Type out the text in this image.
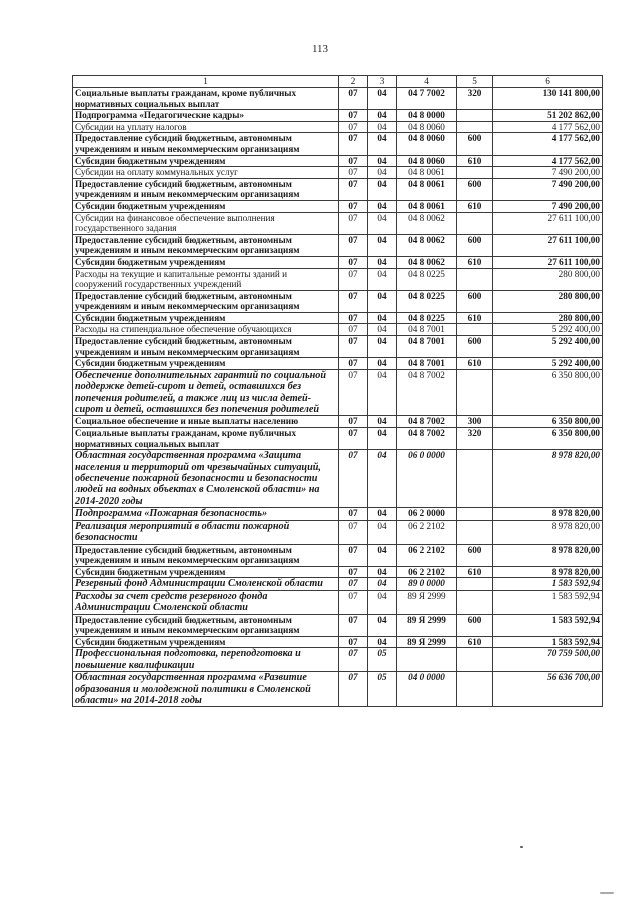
113
1	2	3	4	5	6
Социальные выплаты гражданам, кроме публичных нормативных социальных выплат	07	04	04 7 7002	320	130 141 800,00
Подпрограмма «Педагогические кадры»	07	04	04 8 0000		51 202 862,00
Субсидии на уплату налогов	07	04	04 8 0060		4 177 562,00
Предоставление субсидий бюджетным, автономным учреждениям и иным некоммерческим организациям	07	04	04 8 0060	600	4 177 562,00
Субсидии бюджетным учреждениям	07	04	04 8 0060	610	4 177 562,00
Субсидии на оплату коммунальных услуг	07	04	04 8 0061		7 490 200,00
Предоставление субсидий бюджетным, автономным учреждениям и иным некоммерческим организациям	07	04	04 8 0061	600	7 490 200,00
Субсидии бюджетным учреждениям	07	04	04 8 0061	610	7 490 200,00
Субсидии на финансовое обеспечение выполнения государственного задания	07	04	04 8 0062		27 611 100,00
Предоставление субсидий бюджетным, автономным учреждениям и иным некоммерческим организациям	07	04	04 8 0062	600	27 611 100,00
Субсидии бюджетным учреждениям	07	04	04 8 0062	610	27 611 100,00
Расходы на текущие и капитальные ремонты зданий и сооружений государственных учреждений	07	04	04 8 0225		280 800,00
Предоставление субсидий бюджетным, автономным учреждениям и иным некоммерческим организациям	07	04	04 8 0225	600	280 800,00
Субсидии бюджетным учреждениям	07	04	04 8 0225	610	280 800,00
Расходы на стипендиальное обеспечение обучающихся	07	04	04 8 7001		5 292 400,00
Предоставление субсидий бюджетным, автономным учреждениям и иным некоммерческим организациям	07	04	04 8 7001	600	5 292 400,00
Субсидии бюджетным учреждениям	07	04	04 8 7001	610	5 292 400,00
Обеспечение дополнительных гарантий по социальной поддержке детей-сирот и детей, оставшихся без попечения родителей, а также лиц из числа детей-сирот и детей, оставшихся без попечения родителей	07	04	04 8 7002		6 350 800,00
Социальное обеспечение и иные выплаты населению	07	04	04 8 7002	300	6 350 800,00
Социальные выплаты гражданам, кроме публичных нормативных социальных выплат	07	04	04 8 7002	320	6 350 800,00
Областная государственная программа «Защита населения и территорий от чрезвычайных ситуаций, обеспечение пожарной безопасности и безопасности людей на водных объектах в Смоленской области» на 2014-2020 годы	07	04	06 0 0000		8 978 820,00
Подпрограмма «Пожарная безопасность»	07	04	06 2 0000		8 978 820,00
Реализация мероприятий в области пожарной безопасности	07	04	06 2 2102		8 978 820,00
Предоставление субсидий бюджетным, автономным учреждениям и иным некоммерческим организациям	07	04	06 2 2102	600	8 978 820,00
Субсидии бюджетным учреждениям	07	04	06 2 2102	610	8 978 820,00
Резервный фонд Администрации Смоленской области	07	04	89 0 0000		1 583 592,94
Расходы за счет средств резервного фонда Администрации Смоленской области	07	04	89 Я 2999		1 583 592,94
Предоставление субсидий бюджетным, автономным учреждениям и иным некоммерческим организациям	07	04	89 Я 2999	600	1 583 592,94
Субсидии бюджетным учреждениям	07	04	89 Я 2999	610	1 583 592,94
Профессиональная подготовка, переподготовка и повышение квалификации	07	05			70 759 500,00
Областная государственная программа «Развитие образования и молодежной политики в Смоленской области» на 2014-2018 годы	07	05	04 0 0000		56 636 700,00
